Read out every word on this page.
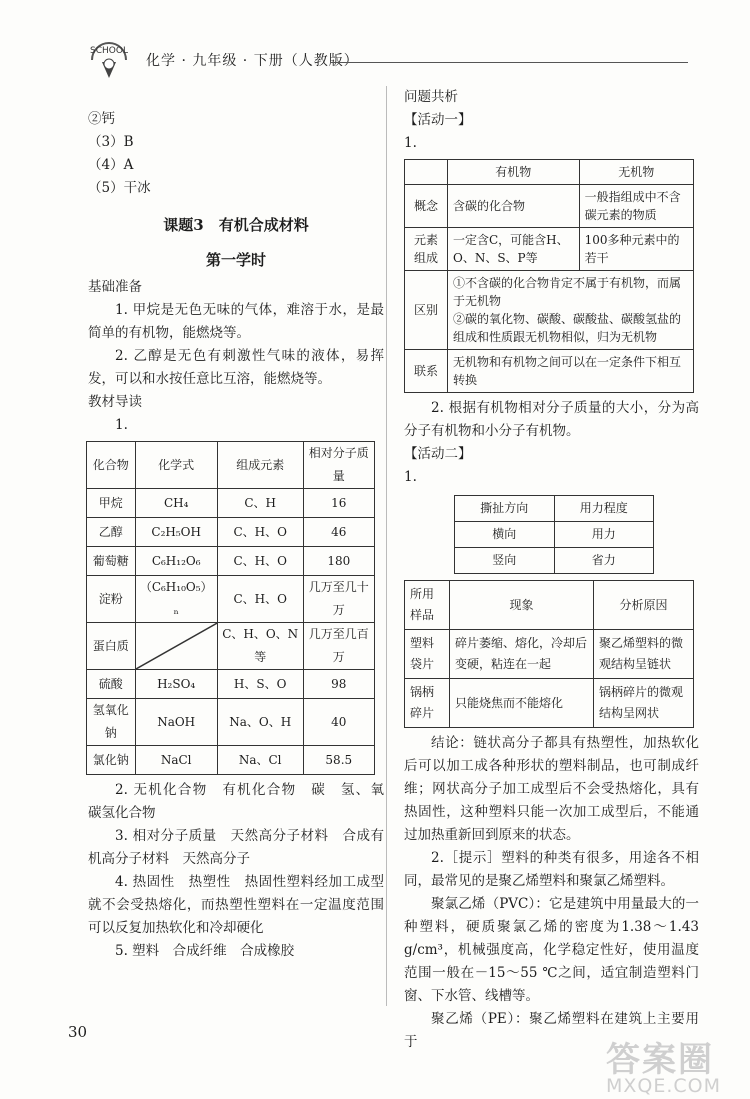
SCHOOL
化学 · 九年级 · 下册（人教版）
②钙
（3）B
（4）A
（5）干冰
课题3　有机合成材料
第一学时
基础准备

1. 甲烷是无色无味的气体，难溶于水，是最简单的有机物，能燃烧等。

2. 乙醇是无色有刺激性气味的液体，易挥发，可以和水按任意比互溶，能燃烧等。

教材导读
1.
化合物	化学式	组成元素	相对分子质量
甲烷	CH₄	C、H	16
乙醇	C₂H₅OH	C、H、O	46
葡萄糖	C₆H₁₂O₆	C、H、O	180
淀粉	（C₆H₁₀O₅）ₙ	C、H、O	几万至几十万
蛋白质		C、H、O、N等	几万至几百万
硫酸	H₂SO₄	H、S、O	98
氢氧化钠	NaOH	Na、O、H	40
氯化钠	NaCl	Na、Cl	58.5

2. 无机化合物　有机化合物　碳　氢、氧　碳氢化合物

3. 相对分子质量　天然高分子材料　合成有机高分子材料　天然高分子

4. 热固性　热塑性　热固性塑料经加工成型就不会受热熔化，而热塑性塑料在一定温度范围可以反复加热软化和冷却硬化

5. 塑料　合成纤维　合成橡胶

问题共析
【活动一】
1.
	有机物	无机物
概念	含碳的化合物	一般指组成中不含碳元素的物质
元素组成	一定含C，可能含H、O、N、S、P等	100多种元素中的若干
区别	①不含碳的化合物肯定不属于有机物，而属于无机物
②碳的氧化物、碳酸、碳酸盐、碳酸氢盐的组成和性质跟无机物相似，归为无机物	

联系	无机物和有机物之间可以在一定条件下相互转换	

2. 根据有机物相对分子质量的大小，分为高分子有机物和小分子有机物。

【活动二】
1.
撕扯方向	用力程度
横向	用力
竖向	省力
所用样品	现象	分析原因
塑料袋片	碎片萎缩、熔化，冷却后变硬，粘连在一起	聚乙烯塑料的微观结构呈链状
锅柄碎片	只能烧焦而不能熔化	锅柄碎片的微观结构呈网状

结论：链状高分子都具有热塑性，加热软化后可以加工成各种形状的塑料制品，也可制成纤维；网状高分子加工成型后不会受热熔化，具有热固性，这种塑料只能一次加工成型后，不能通过加热重新回到原来的状态。

2.［提示］塑料的种类有很多，用途各不相同，最常见的是聚乙烯塑料和聚氯乙烯塑料。

聚氯乙烯（PVC）：它是建筑中用量最大的一种塑料，硬质聚氯乙烯的密度为1.38～1.43 g/cm³，机械强度高，化学稳定性好，使用温度范围一般在－15～55 ℃之间，适宜制造塑料门窗、下水管、线槽等。

聚乙烯（PE）：聚乙烯塑料在建筑上主要用于

30
答案圈
MXQE.COM
